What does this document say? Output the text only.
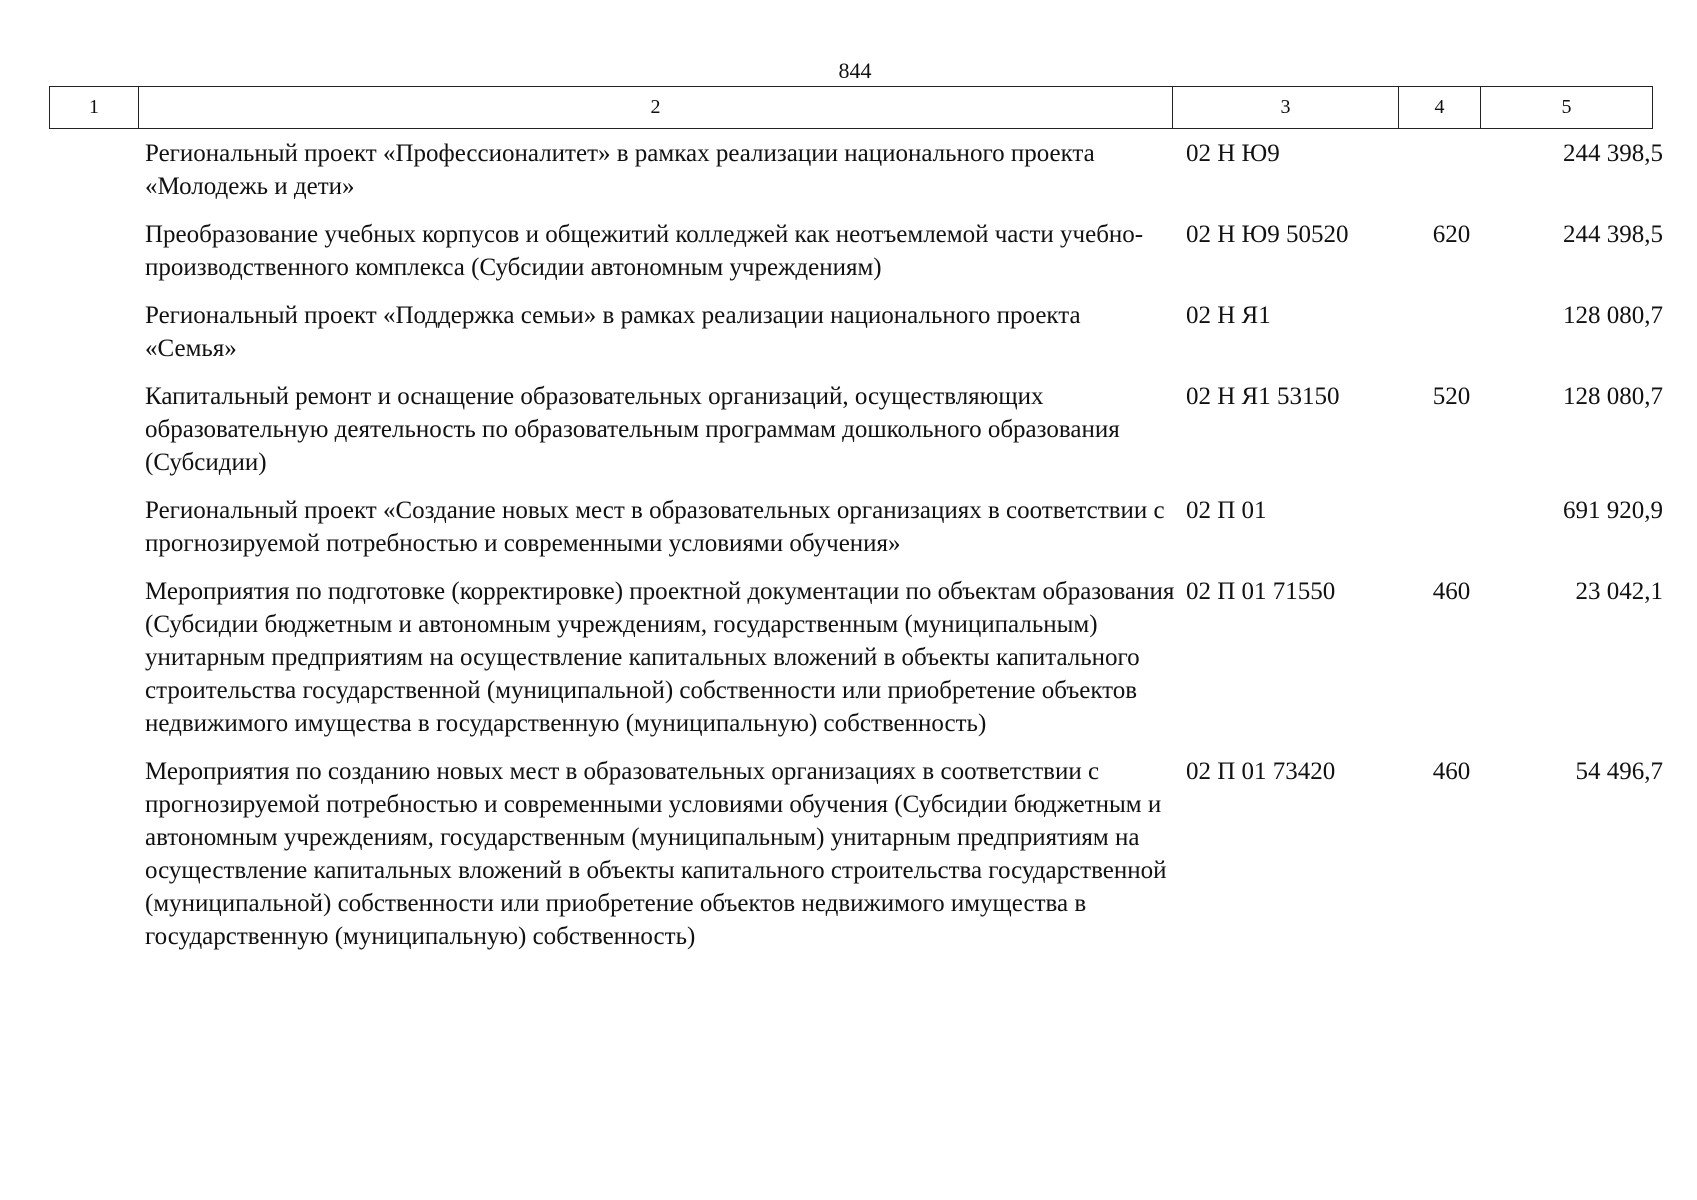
844
1	2	3	4	5
	Региональный проект «Профессионалитет» в рамках реализации национального проекта «Молодежь и дети»	02 Н Ю9		244 398,5
	Преобразование учебных корпусов и общежитий колледжей как неотъемлемой части учебно-производственного комплекса (Субсидии автономным учреждениям)	02 Н Ю9 50520	620	244 398,5
	Региональный проект «Поддержка семьи» в рамках реализации национального проекта «Семья»	02 Н Я1		128 080,7
	Капитальный ремонт и оснащение образовательных организаций, осуществляющих образовательную деятельность по образовательным программам дошкольного образования (Субсидии)	02 Н Я1 53150	520	128 080,7
	Региональный проект «Создание новых мест в образовательных организациях в соответствии с прогнозируемой потребностью и современными условиями обучения»	02 П 01		691 920,9
	Мероприятия по подготовке (корректировке) проектной документации по объектам образования (Субсидии бюджетным и автономным учреждениям, государственным (муниципальным) унитарным предприятиям на осуществление капитальных вложений в объекты капитального строительства государственной (муниципальной) собственности или приобретение объектов недвижимого имущества в государственную (муниципальную) собственность)	02 П 01 71550	460	23 042,1
	Мероприятия по созданию новых мест в образовательных организациях в соответствии с прогнозируемой потребностью и современными условиями обучения (Субсидии бюджетным и автономным учреждениям, государственным (муниципальным) унитарным предприятиям на осуществление капитальных вложений в объекты капитального строительства государственной (муниципальной) собственности или приобретение объектов недвижимого имущества в государственную (муниципальную) собственность)	02 П 01 73420	460	54 496,7
